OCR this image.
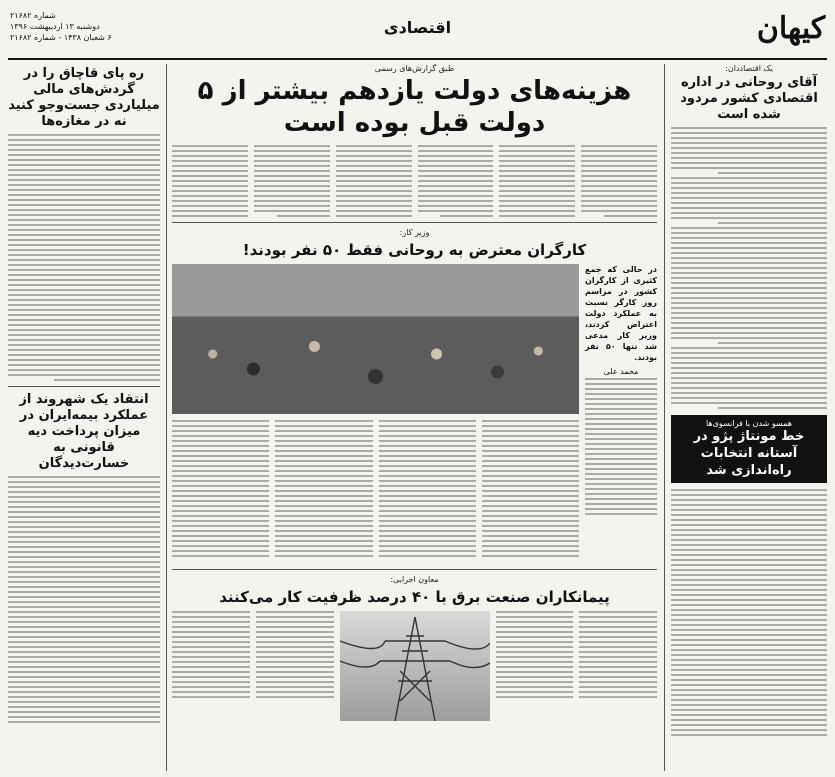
کیهان
اقتصادی
شماره ۲۱۶۸۲
دوشنبه ۱۳ اردیبهشت ۱۳۹۶
۶ شعبان ۱۴۳۸ - شماره ۲۱۶۸۲
یک اقتصاددان:
آقای روحانی در اداره اقتصادی کشور مردود شده است
همسو شدن با فرانسوی‌ها
خط مونتاژ پژو در آستانه انتخابات راه‌اندازی شد
طبق گزارش‌های رسمی
هزینه‌های دولت یازدهم بیشتر از ۵ دولت قبل بوده است
وزیر کار:
کارگران معترض به روحانی فقط ۵۰ نفر بودند!
در حالی که جمع کثیری از کارگران کشور در مراسم روز کارگر نسبت به عملکرد دولت اعتراض کردند، وزیر کار مدعی شد تنها ۵۰ نفر بودند.
محمد علی
معاون اجرایی:
پیمانکاران صنعت برق با ۴۰ درصد ظرفیت کار می‌کنند
ره پای قاچاق را در گردش‌های مالی میلیاردی جست‌وجو کنید نه در مغازه‌ها
انتقاد یک شهروند از عملکرد بیمه‌ایران در میزان پرداخت دیه قانونی به خسارت‌دیدگان
